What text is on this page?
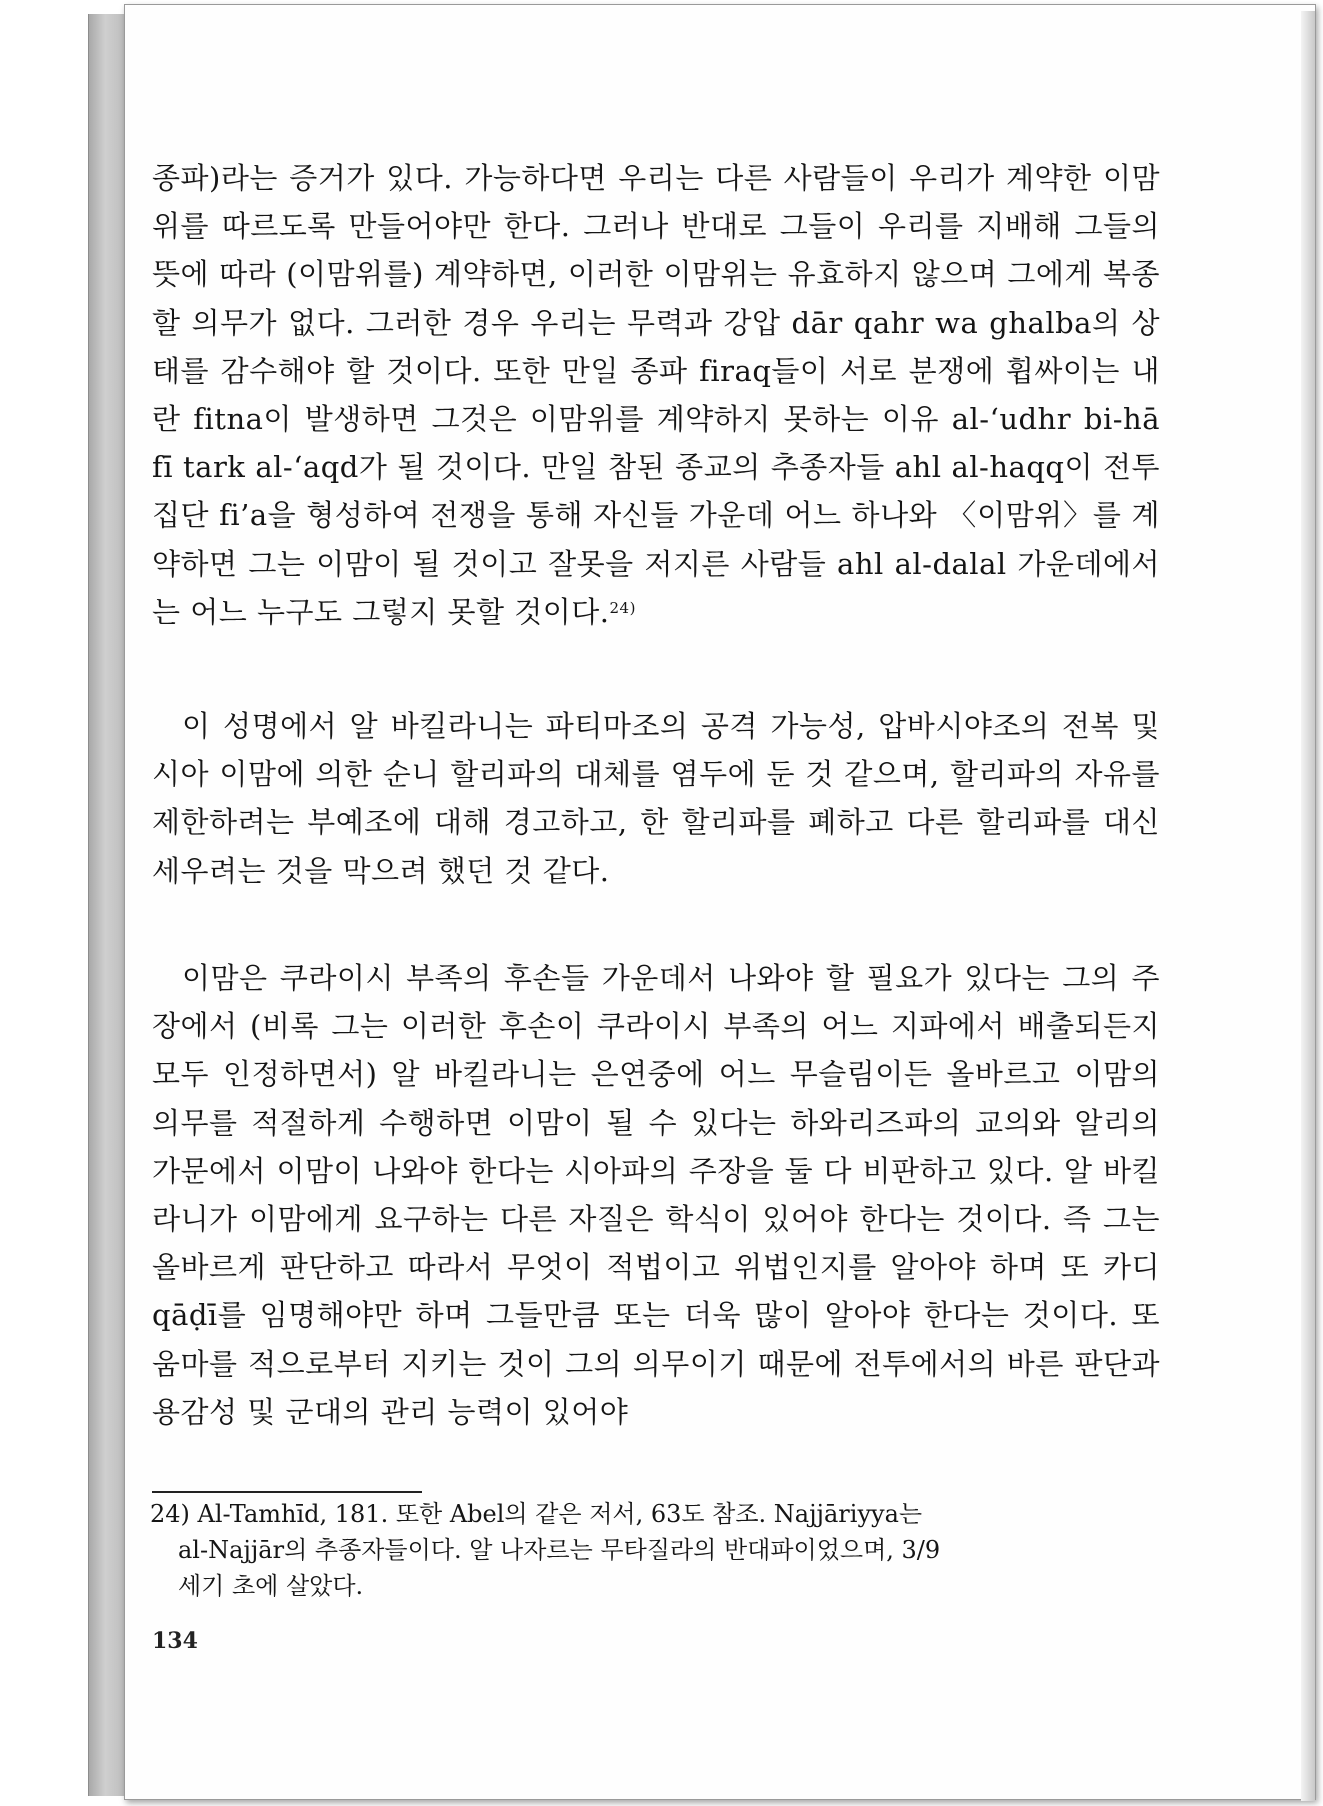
종파)라는 증거가 있다. 가능하다면 우리는 다른 사람들이 우리가 계약한 이맘위를 따르도록 만들어야만 한다. 그러나 반대로 그들이 우리를 지배해 그들의 뜻에 따라 (이맘위를) 계약하면, 이러한 이맘위는 유효하지 않으며 그에게 복종할 의무가 없다. 그러한 경우 우리는 무력과 강압 dār qahr wa ghalba의 상태를 감수해야 할 것이다. 또한 만일 종파 firaq들이 서로 분쟁에 휩싸이는 내란 fitna이 발생하면 그것은 이맘위를 계약하지 못하는 이유 al-‘udhr bi-hā fī tark al-‘aqd가 될 것이다. 만일 참된 종교의 추종자들 ahl al-haqq이 전투집단 fi’a을 형성하여 전쟁을 통해 자신들 가운데 어느 하나와 〈이맘위〉를 계약하면 그는 이맘이 될 것이고 잘못을 저지른 사람들 ahl al-dalal 가운데에서는 어느 누구도 그렇지 못할 것이다.$^{24)}$
이 성명에서 알 바킬라니는 파티마조의 공격 가능성, 압바시야조의 전복 및 시아 이맘에 의한 순니 할리파의 대체를 염두에 둔 것 같으며, 할리파의 자유를 제한하려는 부예조에 대해 경고하고, 한 할리파를 폐하고 다른 할리파를 대신 세우려는 것을 막으려 했던 것 같다.
이맘은 쿠라이시 부족의 후손들 가운데서 나와야 할 필요가 있다는 그의 주장에서 (비록 그는 이러한 후손이 쿠라이시 부족의 어느 지파에서 배출되든지 모두 인정하면서) 알 바킬라니는 은연중에 어느 무슬림이든 올바르고 이맘의 의무를 적절하게 수행하면 이맘이 될 수 있다는 하와리즈파의 교의와 알리의 가문에서 이맘이 나와야 한다는 시아파의 주장을 둘 다 비판하고 있다. 알 바킬라니가 이맘에게 요구하는 다른 자질은 학식이 있어야 한다는 것이다. 즉 그는 올바르게 판단하고 따라서 무엇이 적법이고 위법인지를 알아야 하며 또 카디 qāḍī를 임명해야만 하며 그들만큼 또는 더욱 많이 알아야 한다는 것이다. 또 움마를 적으로부터 지키는 것이 그의 의무이기 때문에 전투에서의 바른 판단과 용감성 및 군대의 관리 능력이 있어야
24) Al-Tamhīd, 181. 또한 Abel의 같은 저서, 63도 참조. Najjāriyya는
al-Najjār의 추종자들이다. 알 나자르는 무타질라의 반대파이었으며, 3/9
세기 초에 살았다.
134
